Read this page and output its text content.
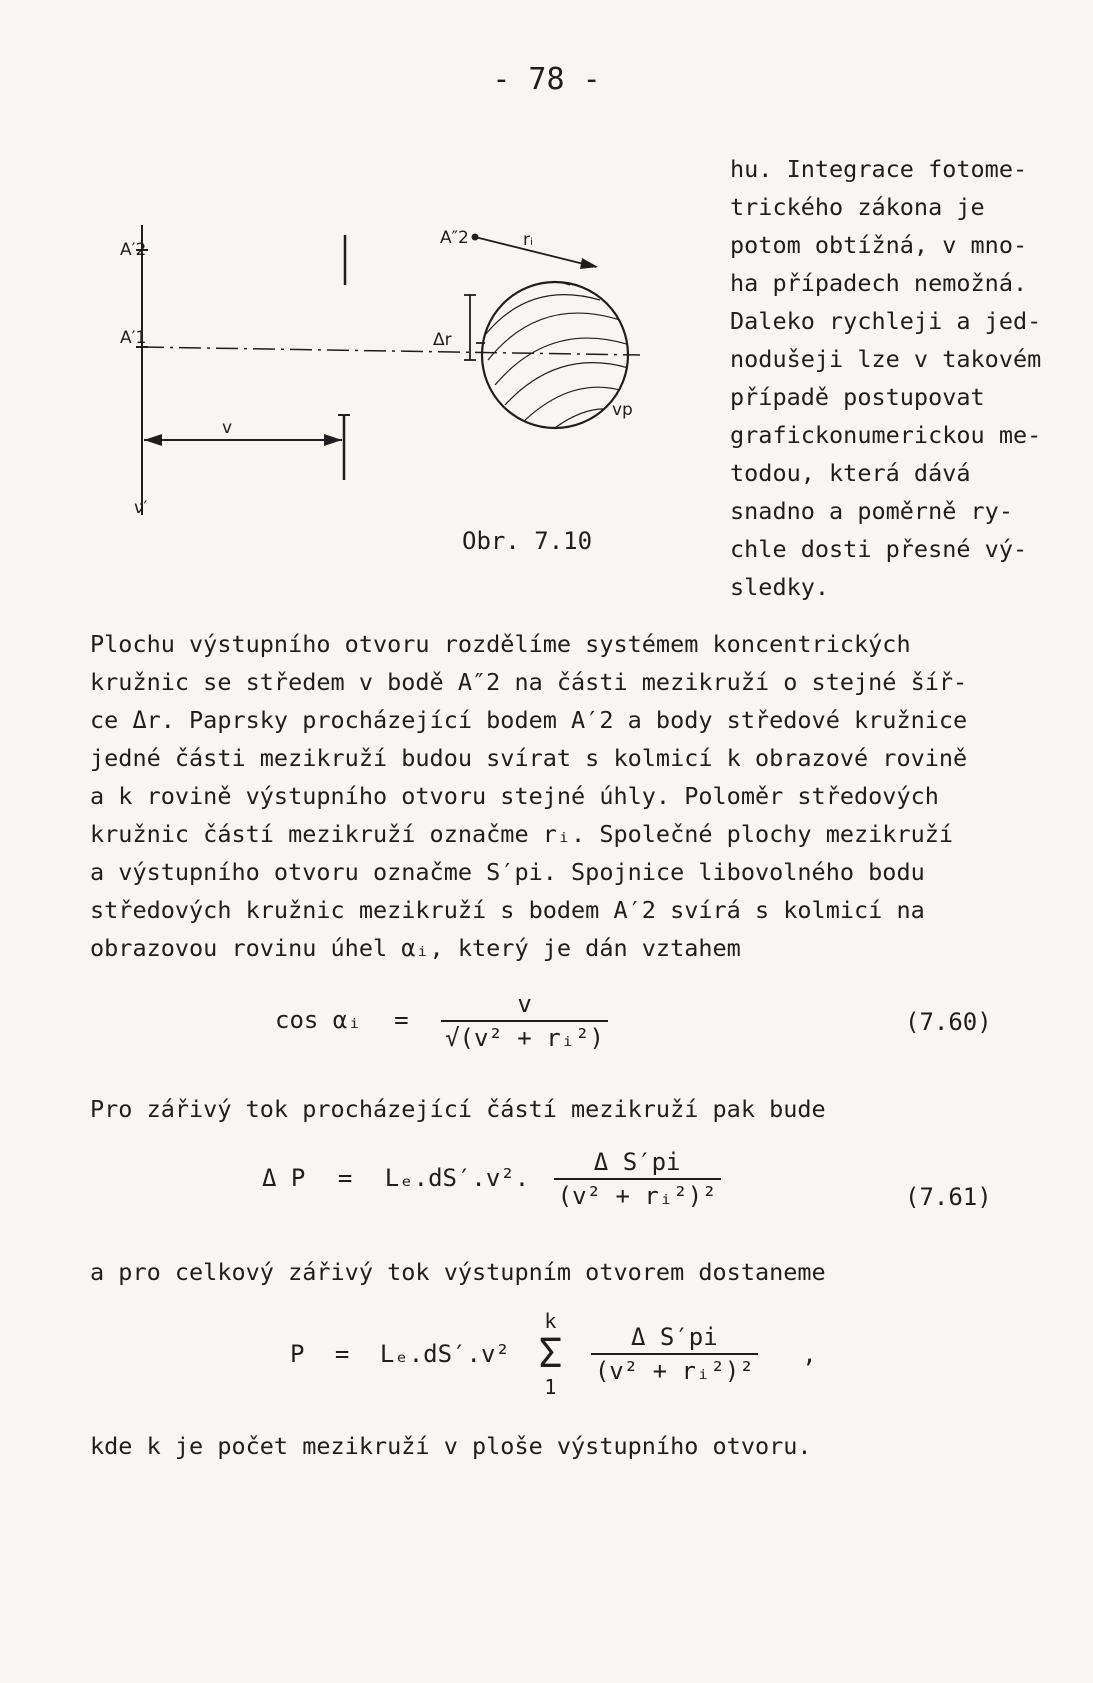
- 78 -
A′2
A′1
A″2	rᵢ
Δr
vp
v
ν′
Obr. 7.10
hu. Integrace fotome-
trického zákona je
potom obtížná, v mno-
ha případech nemožná.
Daleko rychleji a jed-
nodušeji lze v takovém
případě postupovat
grafickonumerickou me-
todou, která dává
snadno a poměrně ry-
chle dosti přesné vý-
sledky.
Plochu výstupního otvoru rozdělíme systémem koncentrických
kružnic se středem v bodě A″2 na části mezikruží o stejné šíř-
ce Δr. Paprsky procházející bodem A′2 a body středové kružnice
jedné části mezikruží budou svírat s kolmicí k obrazové rovině
a k rovině výstupního otvoru stejné úhly. Poloměr středových
kružnic částí mezikruží označme rᵢ. Společné plochy mezikruží
a výstupního otvoru označme S′pi. Spojnice libovolného bodu
středových kružnic mezikruží s bodem A′2 svírá s kolmicí na
obrazovou rovinu úhel αᵢ, který je dán vztahem
cos αᵢ = $\frac{v}{\text{√(v² + rᵢ²)}}$	(7.60)
Pro zářivý tok procházející částí mezikruží pak bude
Δ P = Lₑ.dS′.v². $\frac{\text{Δ S′pi}}{\text{(v² + rᵢ²)²}}$	(7.61)
a pro celkový zářivý tok výstupním otvorem dostaneme
P = Lₑ.dS′.v²
k
Σ
1

$\frac{\text{Δ S′pi}}{\text{(v² + rᵢ²)²}}$ ,
kde k je počet mezikruží v ploše výstupního otvoru.
